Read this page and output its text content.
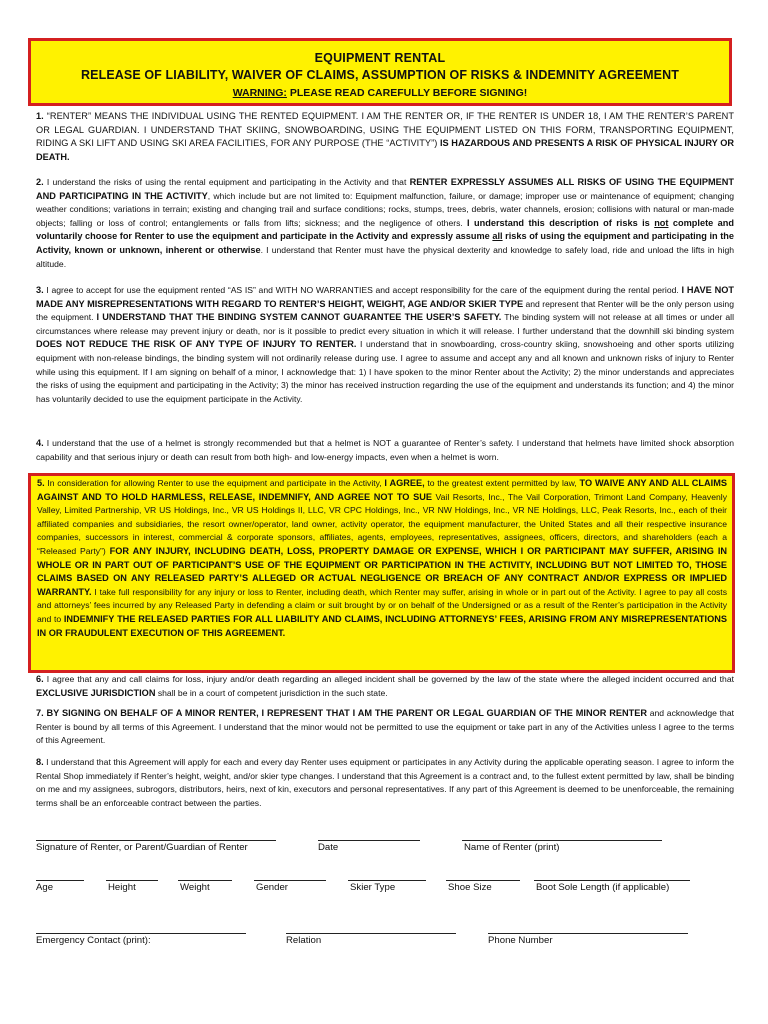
EQUIPMENT RENTAL
RELEASE OF LIABILITY, WAIVER OF CLAIMS, ASSUMPTION OF RISKS & INDEMNITY AGREEMENT
WARNING: PLEASE READ CAREFULLY BEFORE SIGNING!
1. “RENTER” MEANS THE INDIVIDUAL USING THE RENTED EQUIPMENT. I AM THE RENTER OR, IF THE RENTER IS UNDER 18, I AM THE RENTER’S PARENT OR LEGAL GUARDIAN. I UNDERSTAND THAT SKIING, SNOWBOARDING, USING THE EQUIPMENT LISTED ON THIS FORM, TRANSPORTING EQUIPMENT, RIDING A SKI LIFT AND USING SKI AREA FACILITIES, FOR ANY PURPOSE (THE “ACTIVITY”) IS HAZARDOUS AND PRESENTS A RISK OF PHYSICAL INJURY OR DEATH.
2. I understand the risks of using the rental equipment and participating in the Activity and that RENTER EXPRESSLY ASSUMES ALL RISKS OF USING THE EQUIPMENT AND PARTICIPATING IN THE ACTIVITY, which include but are not limited to: Equipment malfunction, failure, or damage; improper use or maintenance of equipment; changing weather conditions; variations in terrain; existing and changing trail and surface conditions; rocks, stumps, trees, debris, water channels, erosion; collisions with natural or man-made objects; falling or loss of control; entanglements or falls from lifts; sickness; and the negligence of others. I understand this description of risks is not complete and voluntarily choose for Renter to use the equipment and participate in the Activity and expressly assume all risks of using the equipment and participating in the Activity, known or unknown, inherent or otherwise. I understand that Renter must have the physical dexterity and knowledge to safely load, ride and unload the lifts in high altitude.
3. I agree to accept for use the equipment rented “AS IS” and WITH NO WARRANTIES and accept responsibility for the care of the equipment during the rental period. I HAVE NOT MADE ANY MISREPRESENTATIONS WITH REGARD TO RENTER’S HEIGHT, WEIGHT, AGE AND/OR SKIER TYPE and represent that Renter will be the only person using the equipment. I UNDERSTAND THAT THE BINDING SYSTEM CANNOT GUARANTEE THE USER’S SAFETY. The binding system will not release at all times or under all circumstances where release may prevent injury or death, nor is it possible to predict every situation in which it will release. I further understand that the downhill ski binding system DOES NOT REDUCE THE RISK OF ANY TYPE OF INJURY TO RENTER. I understand that in snowboarding, cross-country skiing, snowshoeing and other sports utilizing equipment with non-release bindings, the binding system will not ordinarily release during use. I agree to assume and accept any and all known and unknown risks of injury to Renter while using this equipment. If I am signing on behalf of a minor, I acknowledge that: 1) I have spoken to the minor Renter about the Activity; 2) the minor understands and appreciates the risks of using the equipment and participating in the Activity; 3) the minor has received instruction regarding the use of the equipment and understands its function; and 4) the minor has voluntarily decided to use the equipment participate in the Activity.
4. I understand that the use of a helmet is strongly recommended but that a helmet is NOT a guarantee of Renter’s safety. I understand that helmets have limited shock absorption capability and that serious injury or death can result from both high- and low-energy impacts, even when a helmet is worn.
5. In consideration for allowing Renter to use the equipment and participate in the Activity, I AGREE, to the greatest extent permitted by law, TO WAIVE ANY AND ALL CLAIMS AGAINST AND TO HOLD HARMLESS, RELEASE, INDEMNIFY, AND AGREE NOT TO SUE Vail Resorts, Inc., The Vail Corporation, Trimont Land Company, Heavenly Valley, Limited Partnership, VR US Holdings, Inc., VR US Holdings II, LLC, VR CPC Holdings, Inc., VR NW Holdings, Inc., VR NE Holdings, LLC, Peak Resorts, Inc., each of their affiliated companies and subsidiaries, the resort owner/operator, land owner, activity operator, the equipment manufacturer, the United States and all their respective insurance companies, successors in interest, commercial & corporate sponsors, affiliates, agents, employees, representatives, assignees, officers, directors, and shareholders (each a “Released Party”) FOR ANY INJURY, INCLUDING DEATH, LOSS, PROPERTY DAMAGE OR EXPENSE, WHICH I OR PARTICIPANT MAY SUFFER, ARISING IN WHOLE OR IN PART OUT OF PARTICIPANT’S USE OF THE EQUIPMENT OR PARTICIPATION IN THE ACTIVITY, INCLUDING BUT NOT LIMITED TO, THOSE CLAIMS BASED ON ANY RELEASED PARTY’S ALLEGED OR ACTUAL NEGLIGENCE OR BREACH OF ANY CONTRACT AND/OR EXPRESS OR IMPLIED WARRANTY. I take full responsibility for any injury or loss to Renter, including death, which Renter may suffer, arising in whole or in part out of the Activity. I agree to pay all costs and attorneys’ fees incurred by any Released Party in defending a claim or suit brought by or on behalf of the Undersigned or as a result of the Renter’s participation in the Activity and to INDEMNIFY THE RELEASED PARTIES FOR ALL LIABILITY AND CLAIMS, INCLUDING ATTORNEYS’ FEES, ARISING FROM ANY MISREPRESENTATIONS IN OR FRAUDULENT EXECUTION OF THIS AGREEMENT.
6. I agree that any and call claims for loss, injury and/or death regarding an alleged incident shall be governed by the law of the state where the alleged incident occurred and that EXCLUSIVE JURISDICTION shall be in a court of competent jurisdiction in the such state.
7. BY SIGNING ON BEHALF OF A MINOR RENTER, I REPRESENT THAT I AM THE PARENT OR LEGAL GUARDIAN OF THE MINOR RENTER and acknowledge that Renter is bound by all terms of this Agreement. I understand that the minor would not be permitted to use the equipment or take part in any of the Activities unless I agree to the terms of this Agreement.
8. I understand that this Agreement will apply for each and every day Renter uses equipment or participates in any Activity during the applicable operating season. I agree to inform the Rental Shop immediately if Renter’s height, weight, and/or skier type changes. I understand that this Agreement is a contract and, to the fullest extent permitted by law, shall be binding on me and my assignees, subrogors, distributors, heirs, next of kin, executors and personal representatives. If any part of this Agreement is deemed to be unenforceable, the remaining terms shall be an enforceable contract between the parties.
Signature of Renter, or Parent/Guardian of Renter	Date	Name of Renter (print)
Age	Height	Weight	Gender	Skier Type	Shoe Size	Boot Sole Length (if applicable)
Emergency Contact (print):	Relation	Phone Number
